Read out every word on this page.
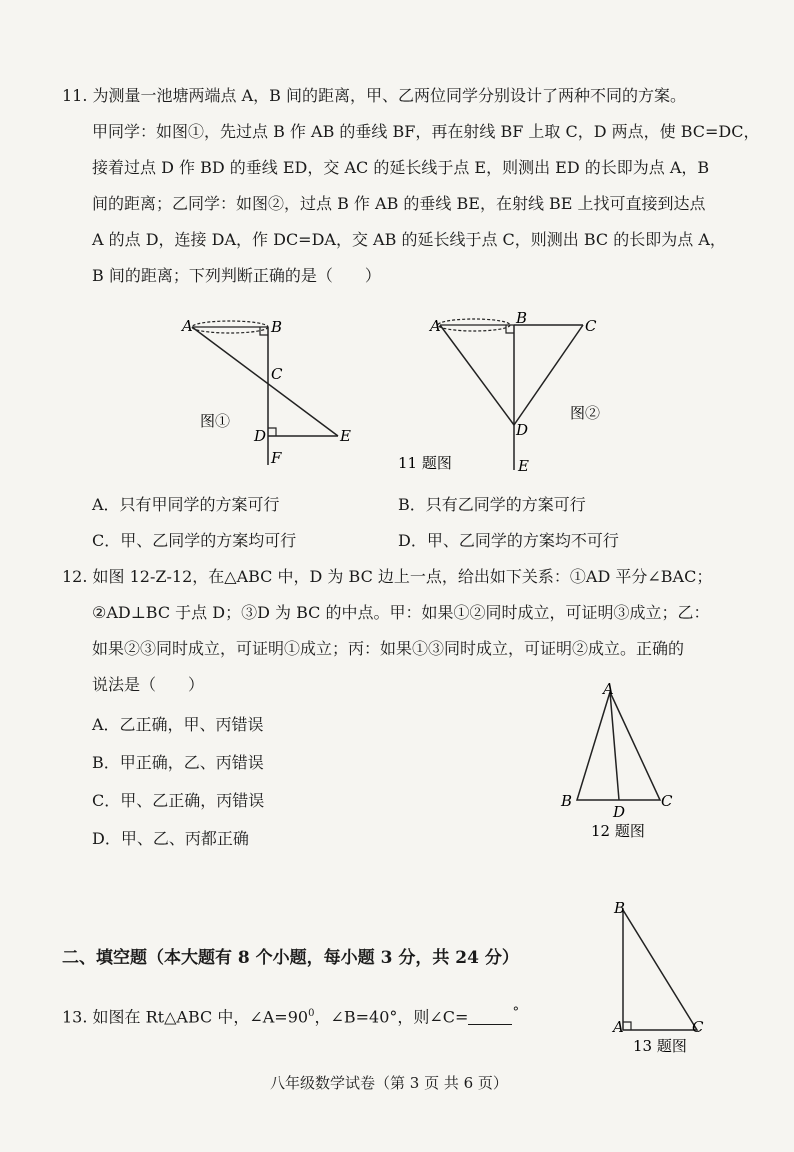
11. 为测量一池塘两端点 A，B 间的距离，甲、乙两位同学分别设计了两种不同的方案。
甲同学：如图①，先过点 B 作 AB 的垂线 BF，再在射线 BF 上取 C，D 两点，使 BC=DC，
接着过点 D 作 BD 的垂线 ED，交 AC 的延长线于点 E，则测出 ED 的长即为点 A，B
间的距离；乙同学：如图②，过点 B 作 AB 的垂线 BE，在射线 BE 上找可直接到达点
A 的点 D，连接 DA，作 DC=DA，交 AB 的延长线于点 C，则测出 BC 的长即为点 A，
B 间的距离；下列判断正确的是（　　）
A	B
C
D	E
F
图①
A	B	C
D
E
图②
11 题图
A．只有甲同学的方案可行	B．只有乙同学的方案可行
C．甲、乙同学的方案均可行	D．甲、乙同学的方案均不可行
12. 如图 12-Z-12，在△ABC 中，D 为 BC 边上一点，给出如下关系：①AD 平分∠BAC；
②AD⊥BC 于点 D；③D 为 BC 的中点。甲：如果①②同时成立，可证明③成立；乙：
如果②③同时成立，可证明①成立；丙：如果①③同时成立，可证明②成立。正确的
说法是（　　）
A．乙正确，甲、丙错误
B．甲正确，乙、丙错误
C．甲、乙正确，丙错误
D．甲、乙、丙都正确
A
B
D
C
12 题图
二、填空题（本大题有 8 个小题，每小题 3 分，共 24 分）
13. 如图在 Rt△ABC 中，$\angle A=90^0$，∠B=40°，则∠C=	°
B
A	C
13 题图
八年级数学试卷（第 3 页 共 6 页）
